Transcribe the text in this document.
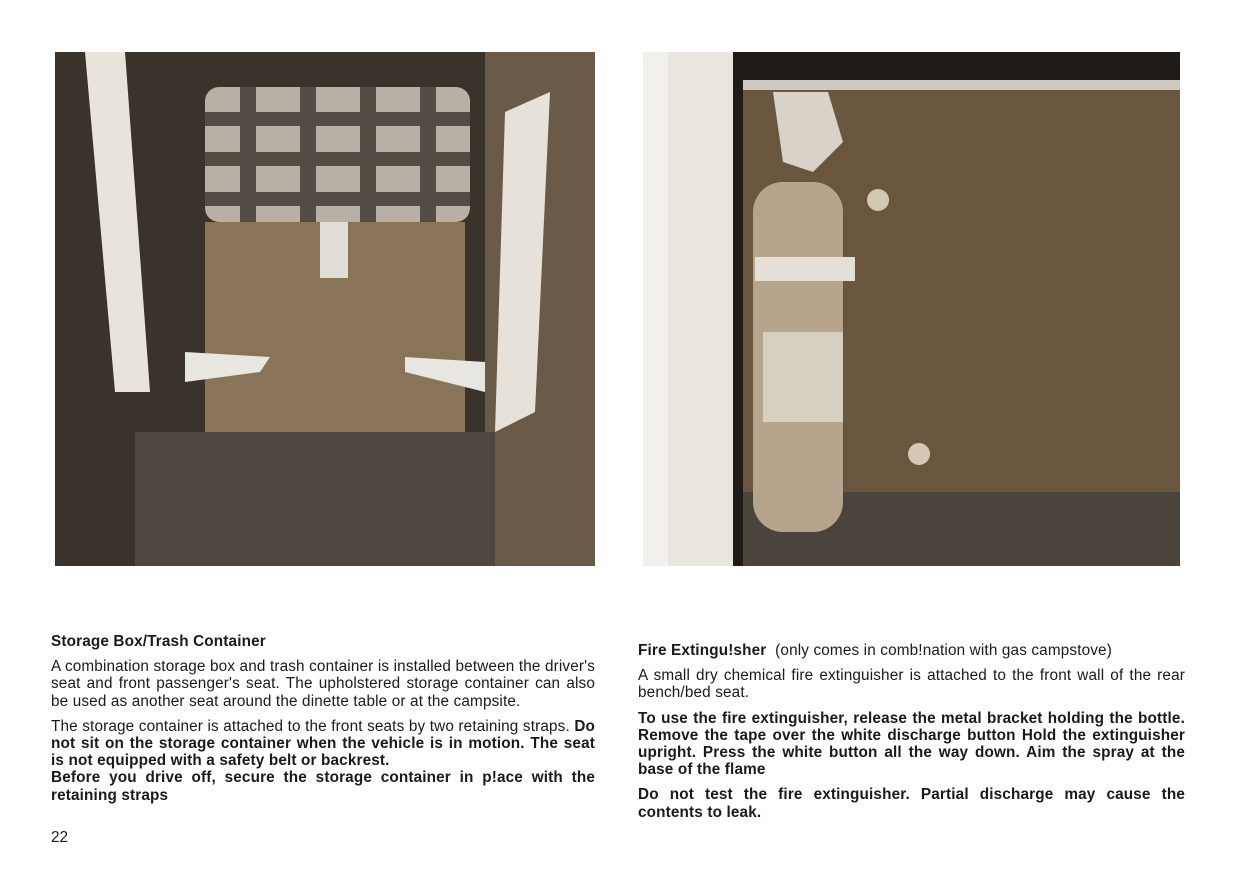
Storage Box/Trash Container

A combination storage box and trash container is installed between the driver's seat and front passenger's seat. The upholstered storage container can also be used as another seat around the dinette table or at the campsite.

The storage container is attached to the front seats by two retaining straps. Do not sit on the storage container when the vehicle is in motion. The seat is not equipped with a safety belt or backrest.
Before you drive off, secure the storage container in p!ace with the retaining straps

22
Fire Extingu!sher (only comes in comb!nation with gas campstove)

A small dry chemical fire extinguisher is attached to the front wall of the rear bench/bed seat.

To use the fire extinguisher, release the metal bracket holding the bottle. Remove the tape over the white discharge button Hold the extinguisher upright. Press the white button all the way down. Aim the spray at the base of the flame

Do not test the fire extinguisher. Partial discharge may cause the contents to leak.
